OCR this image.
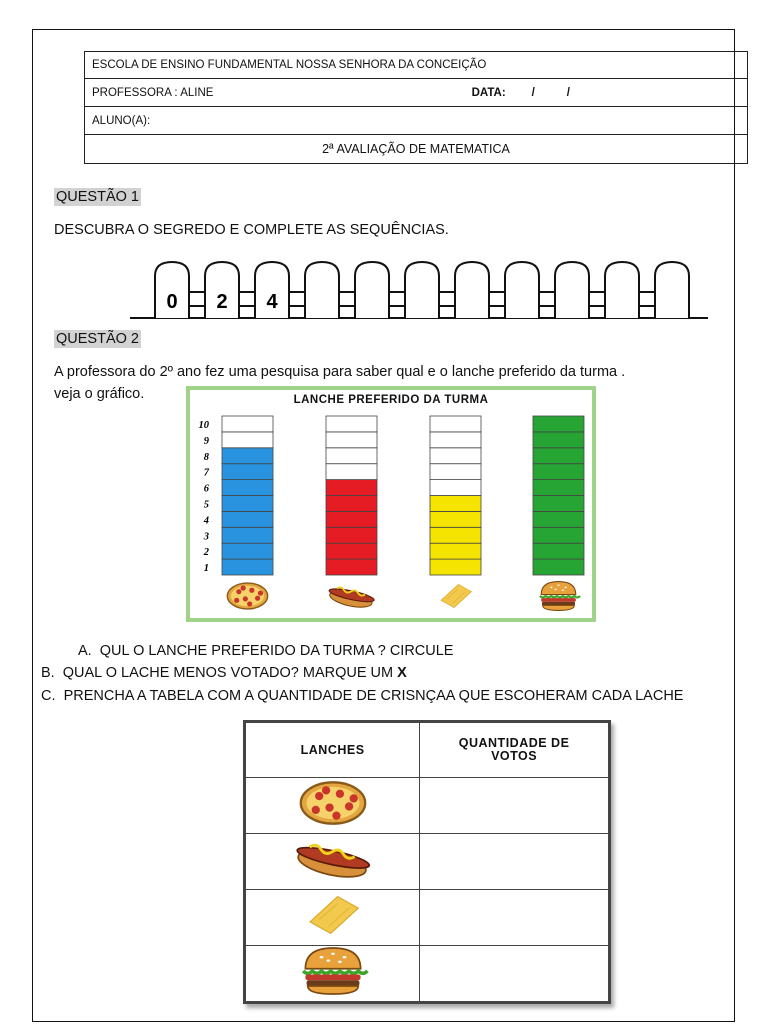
ESCOLA DE ENSINO FUNDAMENTAL NOSSA SENHORA DA CONCEIÇÃO

PROFESSORA : ALINE	DATA: /          /

ALUNO(A):
2ª AVALIAÇÃO DE MATEMATICA
QUESTÃO 1
DESCUBRA O SEGREDO E COMPLETE AS SEQUÊNCIAS.
0 2 4
QUESTÃO 2
A professora do 2º ano fez uma pesquisa para saber qual e o lanche preferido da turma .
veja o gráfico.	LANCHE PREFERIDO DA TURMA
1
2
3
4
5
6
7
8
9
10
A. QUL O LANCHE PREFERIDO DA TURMA ? CIRCULE
B. QUAL O LACHE MENOS VOTADO? MARQUE UM X
C. PRENCHA A TABELA COM A QUANTIDADE DE CRISNÇAA QUE ESCOHERAM CADA LACHE
LANCHES	QUANTIDADE DE
VOTOS
